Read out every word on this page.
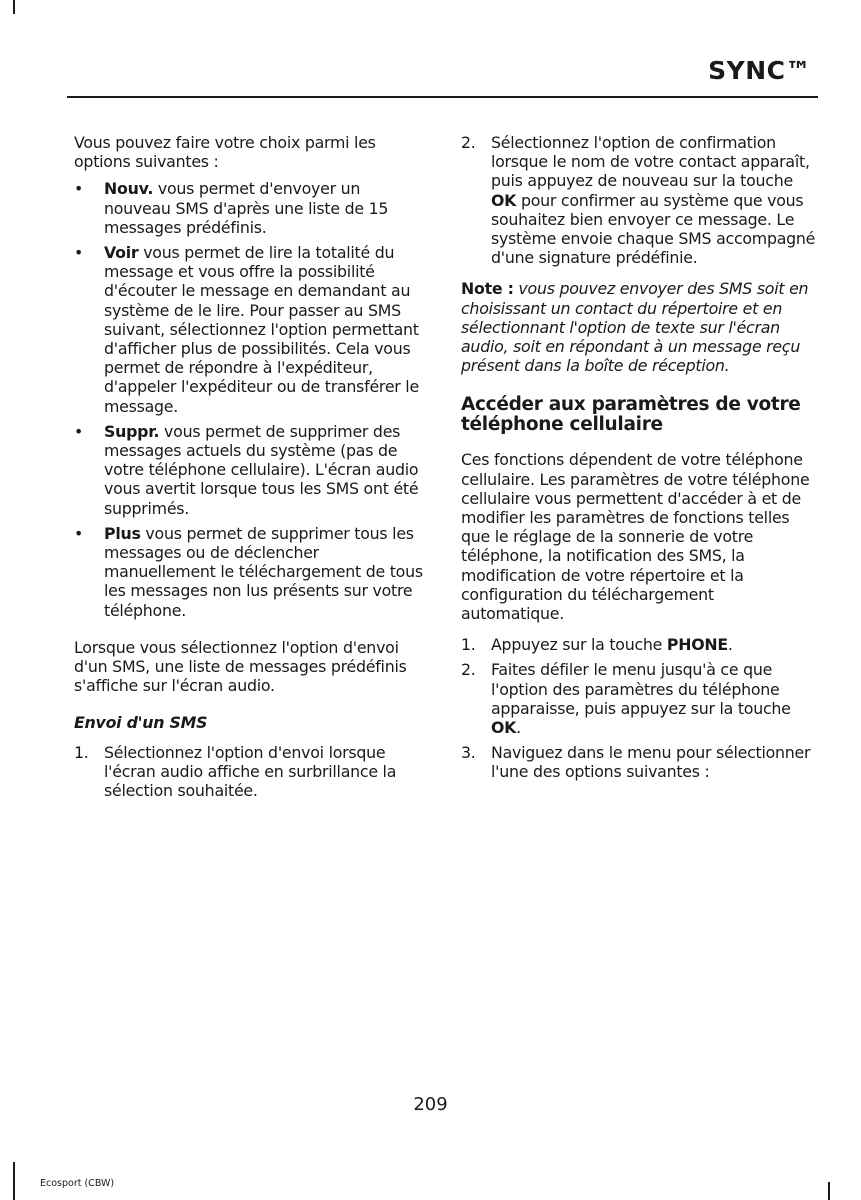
SYNC™

Vous pouvez faire votre choix parmi les options suivantes :

• Nouv. vous permet d'envoyer un nouveau SMS d'après une liste de 15 messages prédéfinis.
• Voir vous permet de lire la totalité du message et vous offre la possibilité d'écouter le message en demandant au système de le lire. Pour passer au SMS suivant, sélectionnez l'option permettant d'afficher plus de possibilités. Cela vous permet de répondre à l'expéditeur, d'appeler l'expéditeur ou de transférer le message.
• Suppr. vous permet de supprimer des messages actuels du système (pas de votre téléphone cellulaire). L'écran audio vous avertit lorsque tous les SMS ont été supprimés.
• Plus vous permet de supprimer tous les messages ou de déclencher manuellement le téléchargement de tous les messages non lus présents sur votre téléphone.

Lorsque vous sélectionnez l'option d'envoi d'un SMS, une liste de messages prédéfinis s'affiche sur l'écran audio.

Envoi d'un SMS

1. Sélectionnez l'option d'envoi lorsque l'écran audio affiche en surbrillance la sélection souhaitée.
2. Sélectionnez l'option de confirmation lorsque le nom de votre contact apparaît, puis appuyez de nouveau sur la touche OK pour confirmer au système que vous souhaitez bien envoyer ce message. Le système envoie chaque SMS accompagné d'une signature prédéfinie.

Note : vous pouvez envoyer des SMS soit en choisissant un contact du répertoire et en sélectionnant l'option de texte sur l'écran audio, soit en répondant à un message reçu présent dans la boîte de réception.

Accéder aux paramètres de votre téléphone cellulaire

Ces fonctions dépendent de votre téléphone cellulaire. Les paramètres de votre téléphone cellulaire vous permettent d'accéder à et de modifier les paramètres de fonctions telles que le réglage de la sonnerie de votre téléphone, la notification des SMS, la modification de votre répertoire et la configuration du téléchargement automatique.

1. Appuyez sur la touche PHONE.
2. Faites défiler le menu jusqu'à ce que l'option des paramètres du téléphone apparaisse, puis appuyez sur la touche OK.
3. Naviguez dans le menu pour sélectionner l'une des options suivantes :
209
Ecosport (CBW)
